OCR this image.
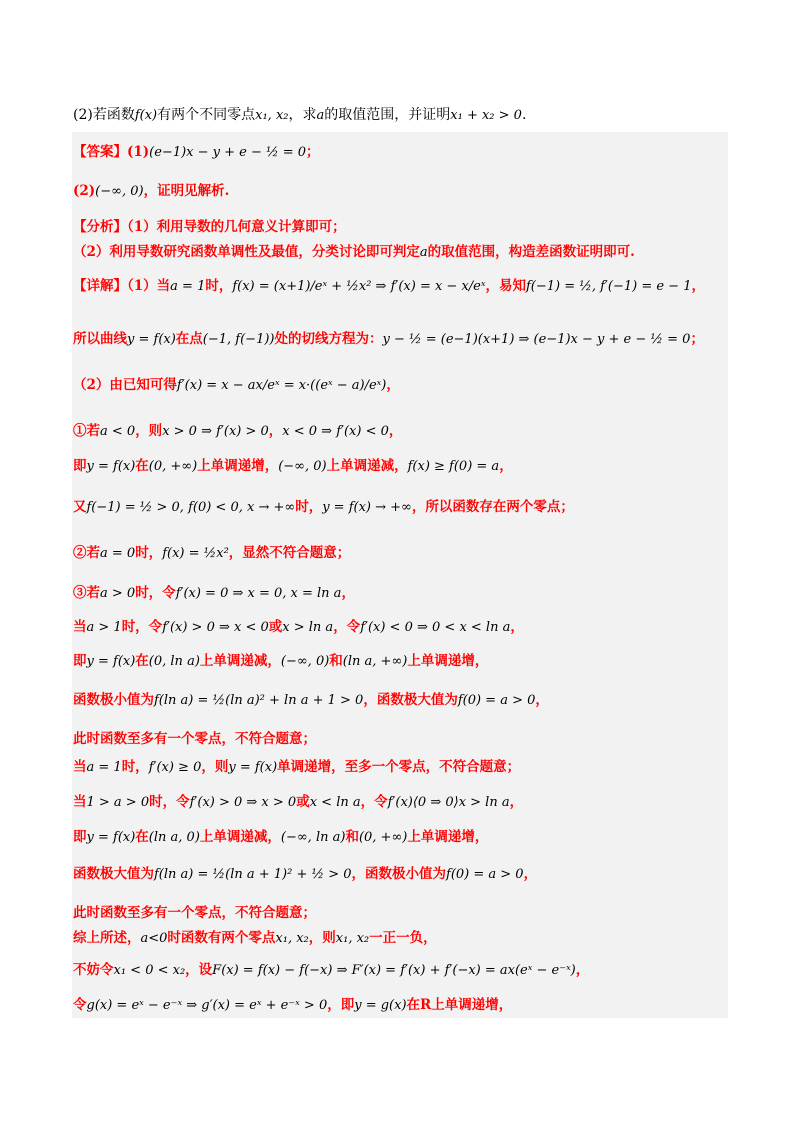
(2)若函数f(x)有两个不同零点x₁, x₂，求a的取值范围，并证明x₁ + x₂ > 0.
【答案】(1)(e−1)x − y + e − ½ = 0；
(2)(−∞, 0)，证明见解析.
【分析】（1）利用导数的几何意义计算即可；
（2）利用导数研究函数单调性及最值，分类讨论即可判定a的取值范围，构造差函数证明即可.
【详解】（1）当a = 1时，f(x) = (x+1)/eˣ + ½x² ⇒ f′(x) = x − x/eˣ，易知f(−1) = ½, f′(−1) = e − 1，
所以曲线y = f(x)在点(−1, f(−1))处的切线方程为：y − ½ = (e−1)(x+1) ⇒ (e−1)x − y + e − ½ = 0；
（2）由已知可得f′(x) = x − ax/eˣ = x·((eˣ − a)/eˣ)，
①若a < 0，则x > 0 ⇒ f′(x) > 0，x < 0 ⇒ f′(x) < 0，
即y = f(x)在(0, +∞)上单调递增，(−∞, 0)上单调递减，f(x) ≥ f(0) = a，
又f(−1) = ½ > 0, f(0) < 0, x → +∞时，y = f(x) → +∞，所以函数存在两个零点；
②若a = 0时，f(x) = ½x²，显然不符合题意；
③若a > 0时，令f′(x) = 0 ⇒ x = 0, x = ln a，
当a > 1时，令f′(x) > 0 ⇒ x < 0或x > ln a，令f′(x) < 0 ⇒ 0 < x < ln a，
即y = f(x)在(0, ln a)上单调递减，(−∞, 0)和(ln a, +∞)上单调递增，
函数极小值为f(ln a) = ½(ln a)² + ln a + 1 > 0，函数极大值为f(0) = a > 0，
此时函数至多有一个零点，不符合题意；
当a = 1时，f′(x) ≥ 0，则y = f(x)单调递增，至多一个零点，不符合题意；
当1 > a > 0时，令f′(x) > 0 ⇒ x > 0或x < ln a，令f′(x)⟨0 ⇒ 0⟩x > ln a，
即y = f(x)在(ln a, 0)上单调递减，(−∞, ln a)和(0, +∞)上单调递增，
函数极大值为f(ln a) = ½(ln a + 1)² + ½ > 0，函数极小值为f(0) = a > 0，
此时函数至多有一个零点，不符合题意；
综上所述，a<0时函数有两个零点x₁, x₂，则x₁, x₂一正一负，
不妨令x₁ < 0 < x₂，设F(x) = f(x) − f(−x) ⇒ F′(x) = f′(x) + f′(−x) = ax(eˣ − e⁻ˣ)，
令g(x) = eˣ − e⁻ˣ ⇒ g′(x) = eˣ + e⁻ˣ > 0，即y = g(x)在R上单调递增，
